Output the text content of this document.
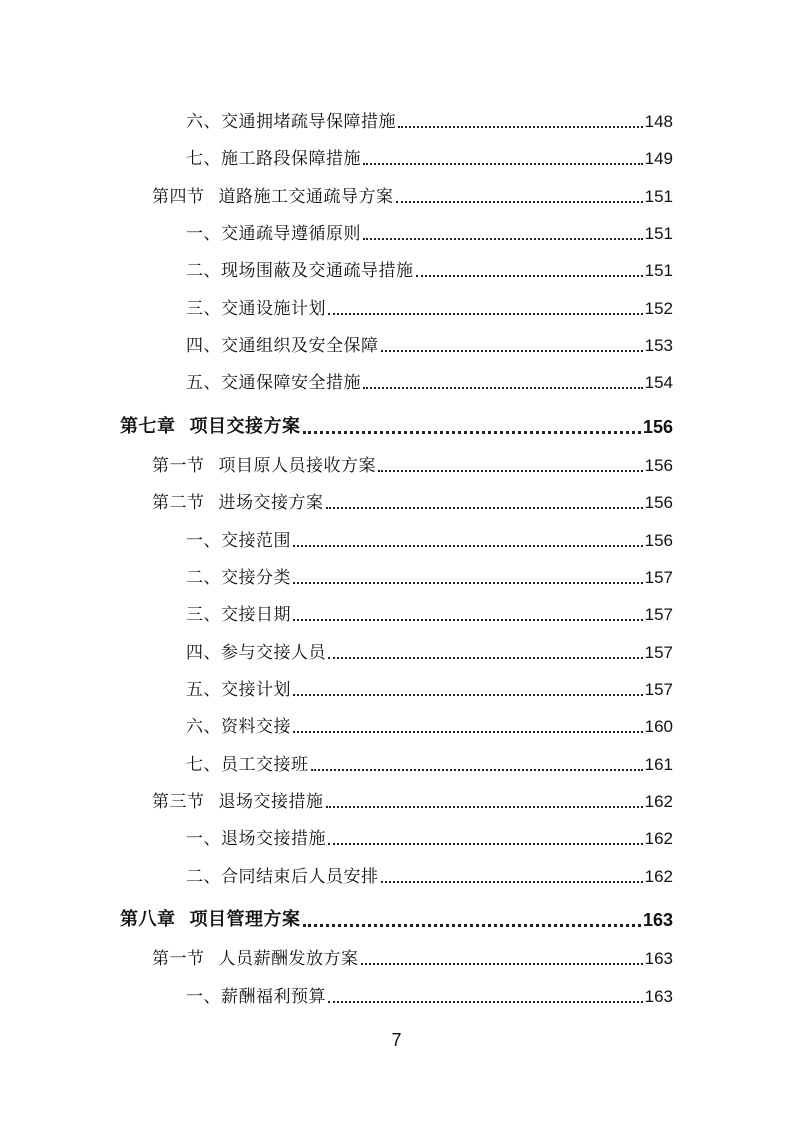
六、交通拥堵疏导保障措施	148
七、施工路段保障措施	149
第四节 道路施工交通疏导方案	151
一、交通疏导遵循原则	151
二、现场围蔽及交通疏导措施	151
三、交通设施计划	152
四、交通组织及安全保障	153
五、交通保障安全措施	154
第七章 项目交接方案	156
第一节 项目原人员接收方案	156
第二节 进场交接方案	156
一、交接范围	156
二、交接分类	157
三、交接日期	157
四、参与交接人员	157
五、交接计划	157
六、资料交接	160
七、员工交接班	161
第三节 退场交接措施	162
一、退场交接措施	162
二、合同结束后人员安排	162
第八章 项目管理方案	163
第一节 人员薪酬发放方案	163
一、薪酬福利预算	163
7
